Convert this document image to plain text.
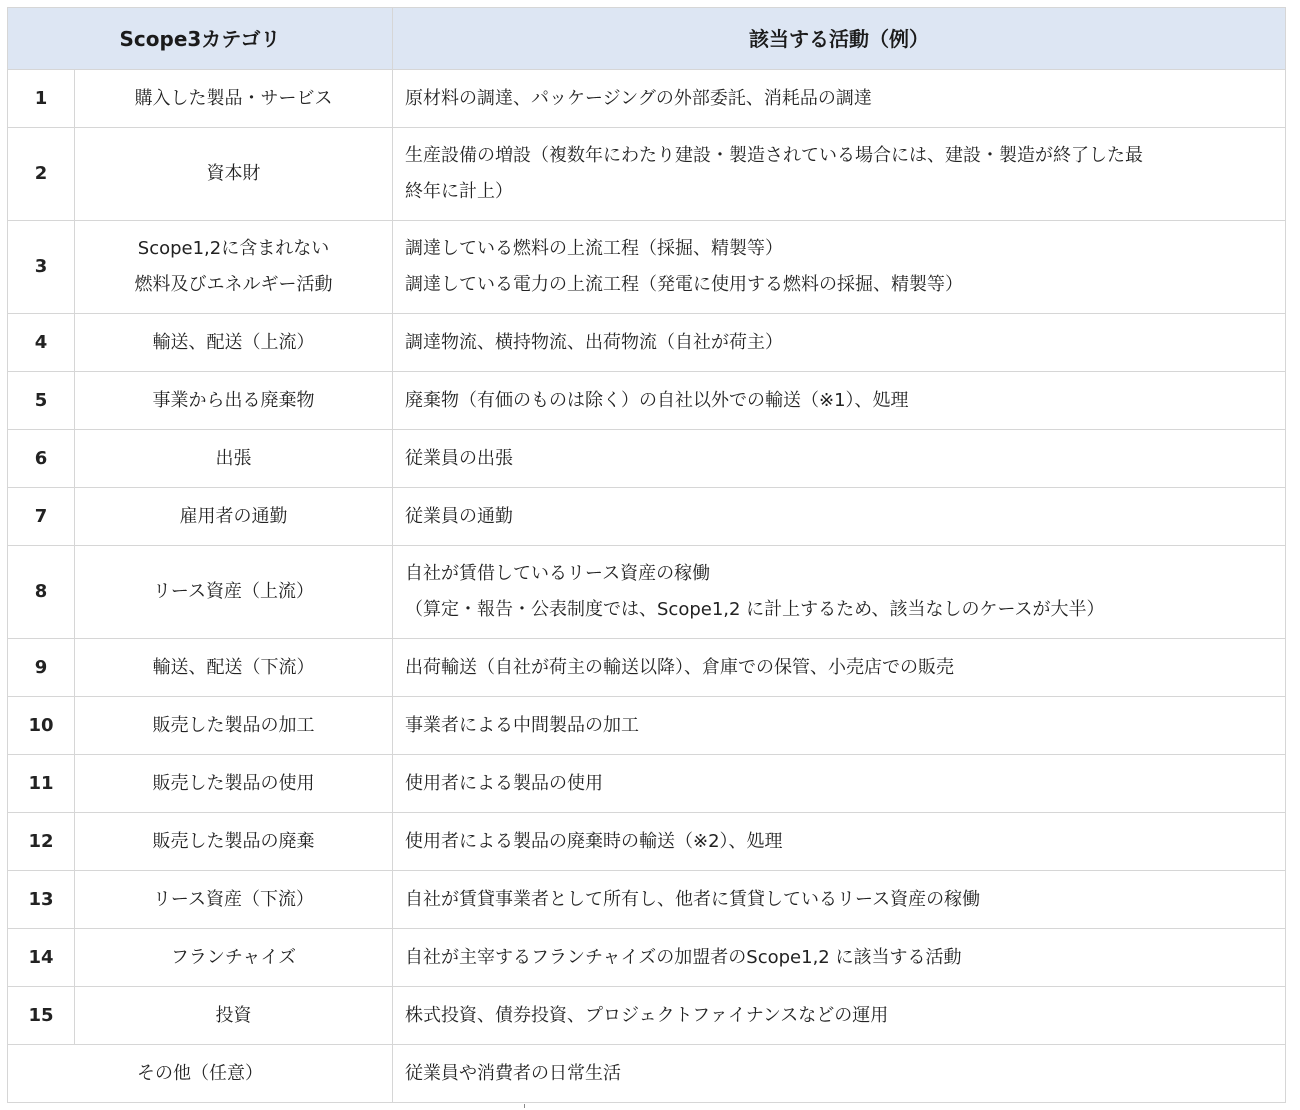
Scope3カテゴリ		該当する活動（例）
1	購入した製品・サービス	原材料の調達、パッケージングの外部委託、消耗品の調達

2	資本財	生産設備の増設（複数年にわたり建設・製造されている場合には、建設・製造が終了した最
終年に計上）

3	Scope1,2に含まれない
燃料及びエネルギー活動	調達している燃料の上流工程（採掘、精製等）
調達している電力の上流工程（発電に使用する燃料の採掘、精製等）

4	輸送、配送（上流）	調達物流、横持物流、出荷物流（自社が荷主）

5	事業から出る廃棄物	廃棄物（有価のものは除く）の自社以外での輸送（※1）、処理

6	出張	従業員の出張

7	雇用者の通勤	従業員の通勤

8	リース資産（上流）	自社が賃借しているリース資産の稼働
（算定・報告・公表制度では、Scope1,2 に計上するため、該当なしのケースが大半）

9	輸送、配送（下流）	出荷輸送（自社が荷主の輸送以降）、倉庫での保管、小売店での販売

10	販売した製品の加工	事業者による中間製品の加工

11	販売した製品の使用	使用者による製品の使用

12	販売した製品の廃棄	使用者による製品の廃棄時の輸送（※2）、処理

13	リース資産（下流）	自社が賃貸事業者として所有し、他者に賃貸しているリース資産の稼働

14	フランチャイズ	自社が主宰するフランチャイズの加盟者のScope1,2 に該当する活動

15	投資	株式投資、債券投資、プロジェクトファイナンスなどの運用

その他（任意）		従業員や消費者の日常生活
